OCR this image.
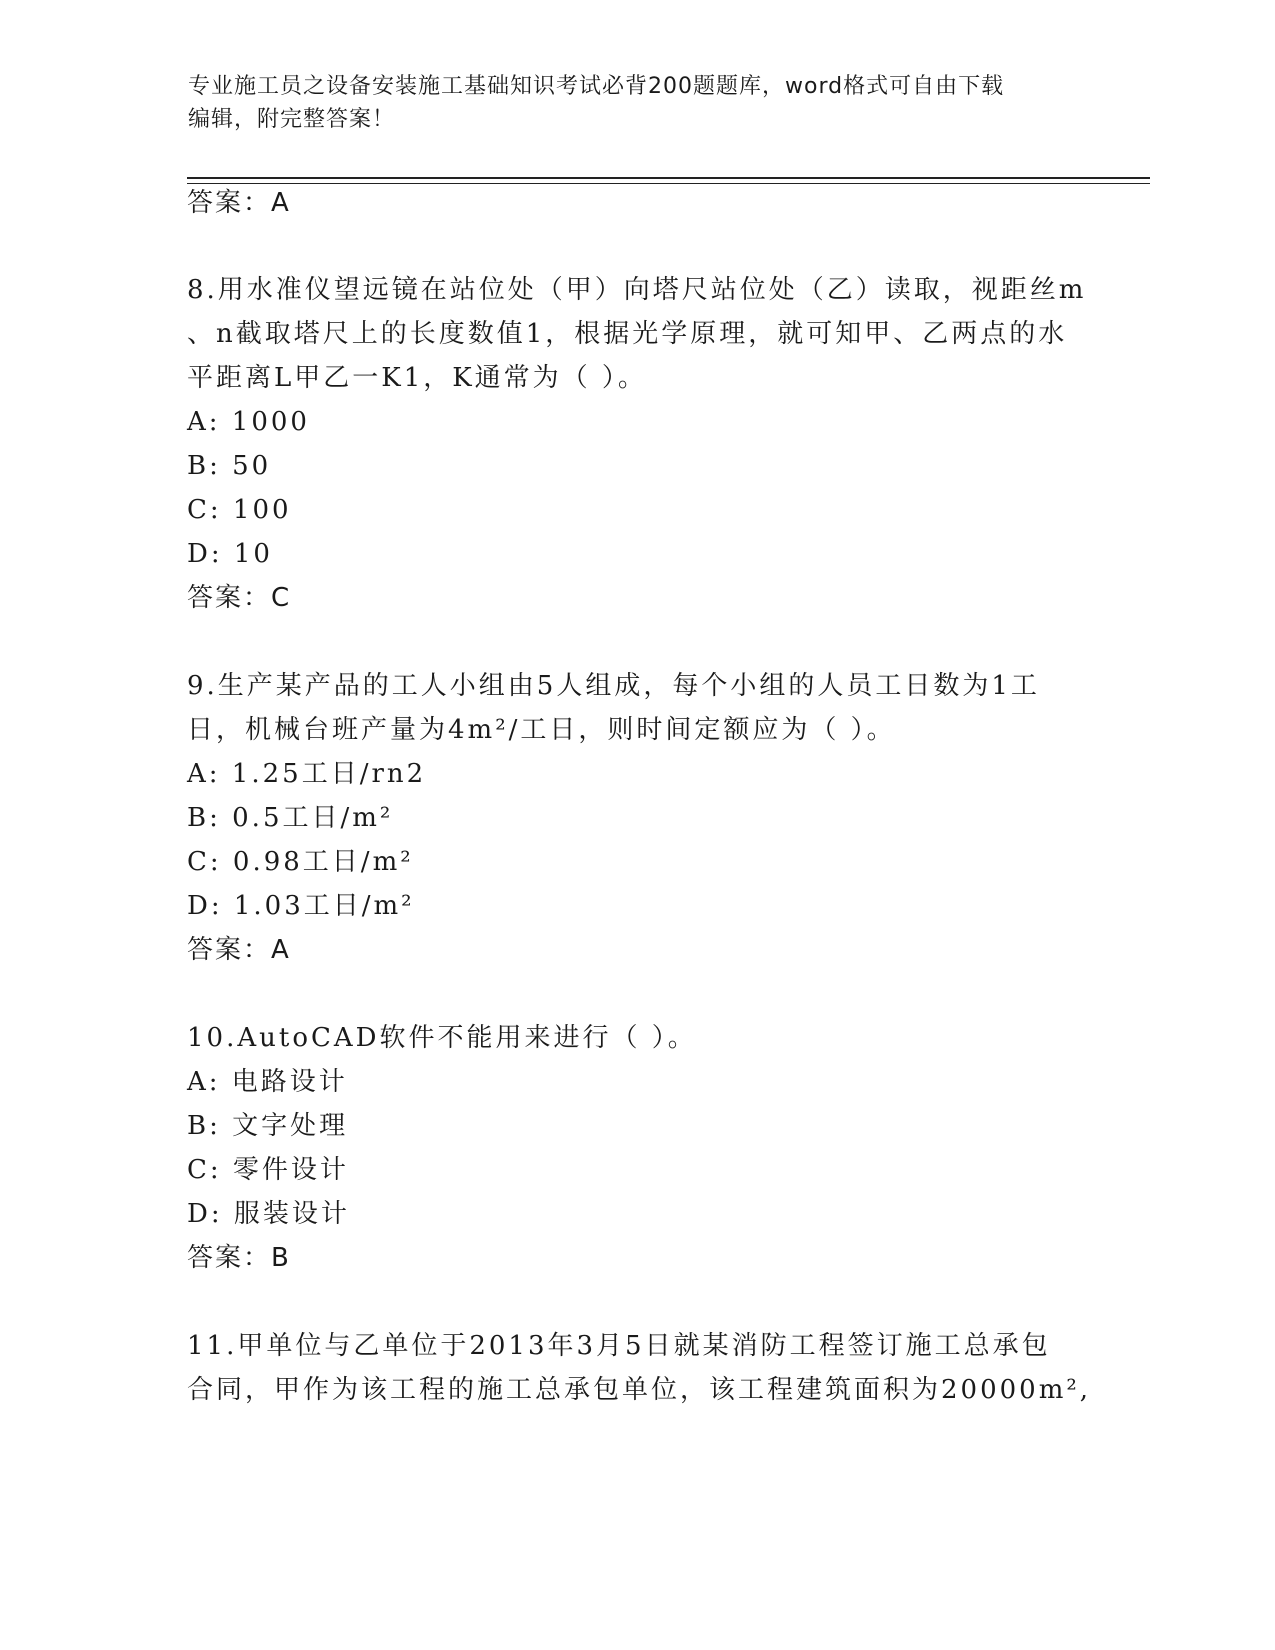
专业施工员之设备安装施工基础知识考试必背200题题库，word格式可自由下载
编辑，附完整答案！
答案：A
8.用水准仪望远镜在站位处（甲）向塔尺站位处（乙）读取，视距丝m
、n截取塔尺上的长度数值1，根据光学原理，就可知甲、乙两点的水
平距离L甲乙一K1，K通常为（ ）。
A: 1000
B: 50
C: 100
D: 10
答案：C
9.生产某产品的工人小组由5人组成，每个小组的人员工日数为1工
日，机械台班产量为4m²/工日，则时间定额应为（ ）。
A: 1.25工日/rn2
B: 0.5工日/m²
C: 0.98工日/m²
D: 1.03工日/m²
答案：A
10.AutoCAD软件不能用来进行（ ）。
A: 电路设计
B: 文字处理
C: 零件设计
D: 服装设计
答案：B
11.甲单位与乙单位于2013年3月5日就某消防工程签订施工总承包
合同，甲作为该工程的施工总承包单位，该工程建筑面积为20000m²,
